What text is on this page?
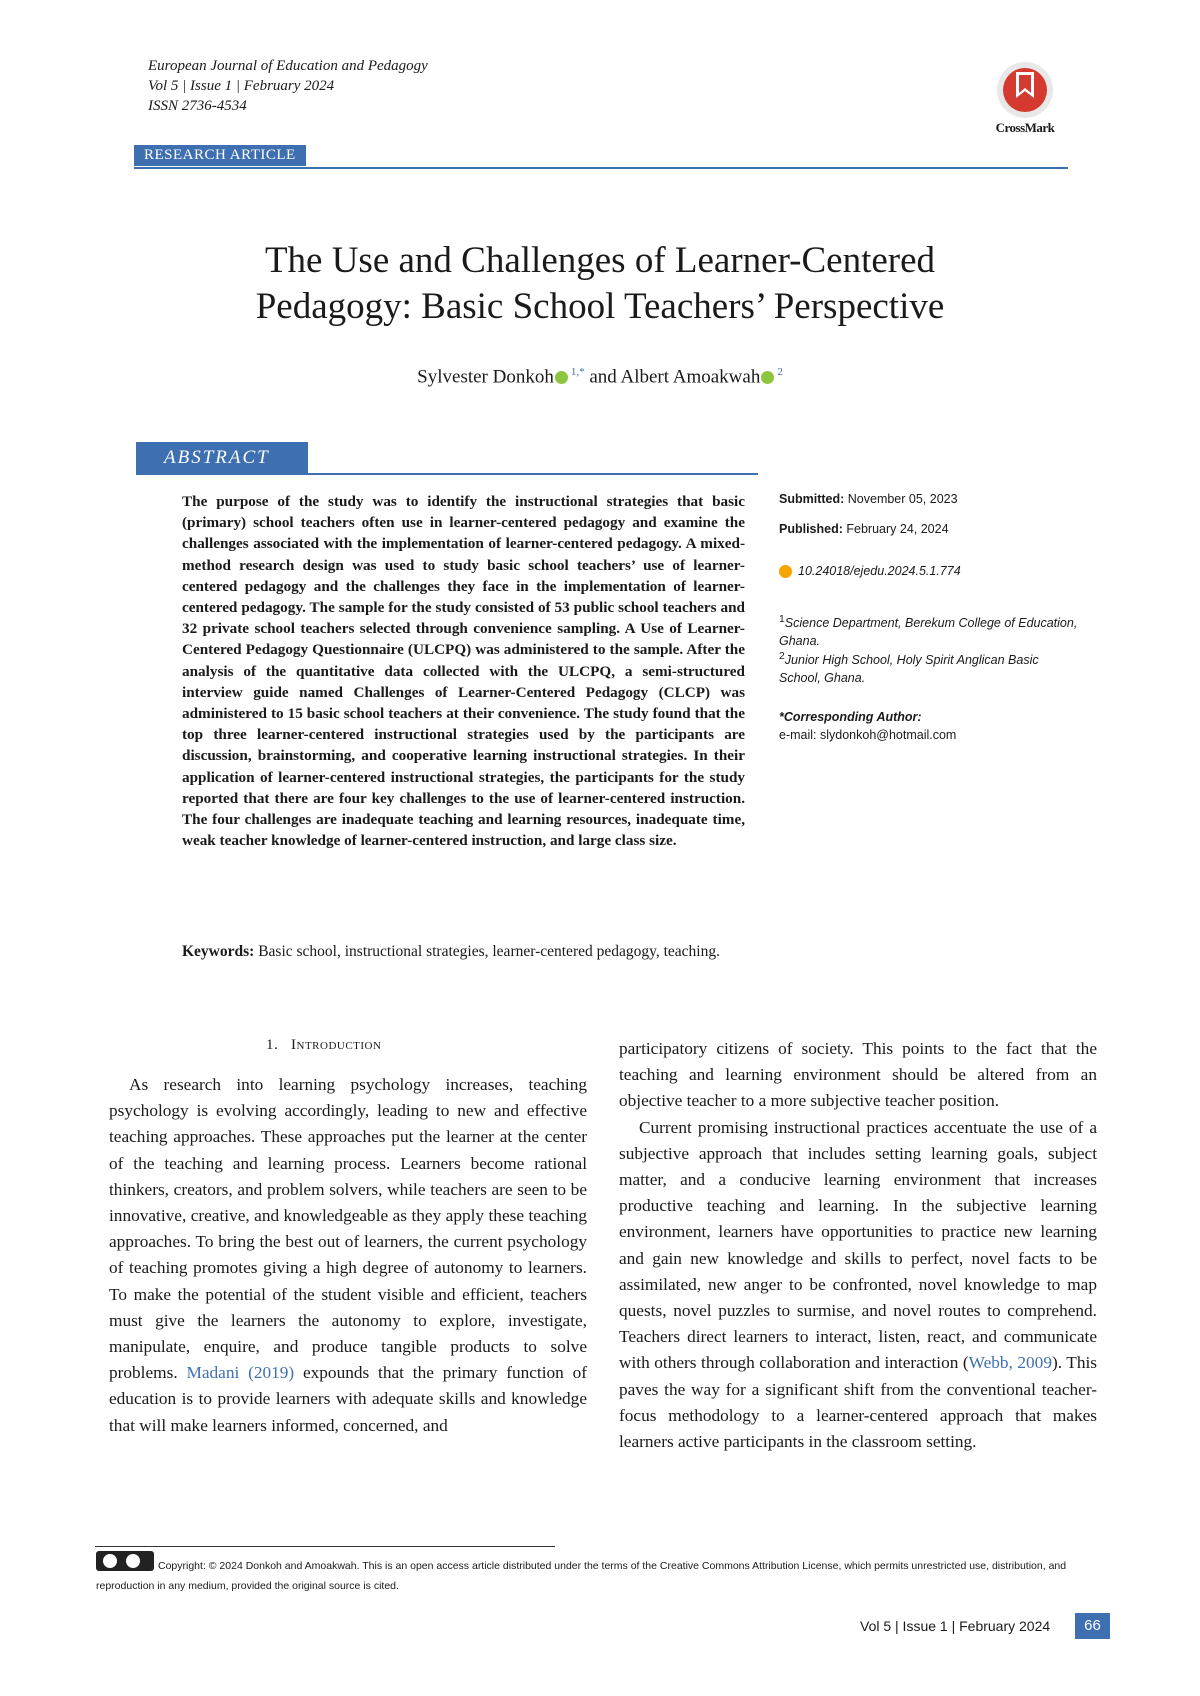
European Journal of Education and Pedagogy
Vol 5 | Issue 1 | February 2024
ISSN 2736-4534
CrossMark
RESEARCH ARTICLE
The Use and Challenges of Learner-Centered
Pedagogy: Basic School Teachers’ Perspective
Sylvester Donkoh $^{1,*}$ and Albert Amoakwah $^2$
ABSTRACT
The purpose of the study was to identify the instructional strategies that basic (primary) school teachers often use in learner-centered pedagogy and examine the challenges associated with the implementation of learner-centered pedagogy. A mixed-method research design was used to study basic school teachers’ use of learner-centered pedagogy and the challenges they face in the implementation of learner-centered pedagogy. The sample for the study consisted of 53 public school teachers and 32 private school teachers selected through convenience sampling. A Use of Learner-Centered Pedagogy Questionnaire (ULCPQ) was administered to the sample. After the analysis of the quantitative data collected with the ULCPQ, a semi-structured interview guide named Challenges of Learner-Centered Pedagogy (CLCP) was administered to 15 basic school teachers at their convenience. The study found that the top three learner-centered instructional strategies used by the participants are discussion, brainstorming, and cooperative learning instructional strategies. In their application of learner-centered instructional strategies, the participants for the study reported that there are four key challenges to the use of learner-centered instruction. The four challenges are inadequate teaching and learning resources, inadequate time, weak teacher knowledge of learner-centered instruction, and large class size.
Keywords: Basic school, instructional strategies, learner-centered pedagogy, teaching.
Submitted: November 05, 2023
Published: February 24, 2024
10.24018/ejedu.2024.5.1.774
$^1$Science Department, Berekum College of Education, Ghana.
$^2$Junior High School, Holy Spirit Anglican Basic School, Ghana.
*Corresponding Author:
e-mail: slydonkoh@hotmail.com
1. Introduction

As research into learning psychology increases, teaching psychology is evolving accordingly, leading to new and effective teaching approaches. These approaches put the learner at the center of the teaching and learning process. Learners become rational thinkers, creators, and problem solvers, while teachers are seen to be innovative, creative, and knowledgeable as they apply these teaching approaches. To bring the best out of learners, the current psychology of teaching promotes giving a high degree of autonomy to learners. To make the potential of the student visible and efficient, teachers must give the learners the autonomy to explore, investigate, manipulate, enquire, and produce tangible products to solve problems. Madani (2019) expounds that the primary function of education is to provide learners with adequate skills and knowledge that will make learners informed, concerned, and

participatory citizens of society. This points to the fact that the teaching and learning environment should be altered from an objective teacher to a more subjective teacher position.

Current promising instructional practices accentuate the use of a subjective approach that includes setting learning goals, subject matter, and a conducive learning environment that increases productive teaching and learning. In the subjective learning environment, learners have opportunities to practice new learning and gain new knowledge and skills to perfect, novel facts to be assimilated, new anger to be confronted, novel knowledge to map quests, novel puzzles to surmise, and novel routes to comprehend. Teachers direct learners to interact, listen, react, and communicate with others through collaboration and interaction (Webb, 2009). This paves the way for a significant shift from the conventional teacher-focus methodology to a learner-centered approach that makes learners active participants in the classroom setting.

Copyright: © 2024 Donkoh and Amoakwah. This is an open access article distributed under the terms of the Creative Commons Attribution License, which permits unrestricted use, distribution, and reproduction in any medium, provided the original source is cited.
Vol 5 | Issue 1 | February 2024	66
